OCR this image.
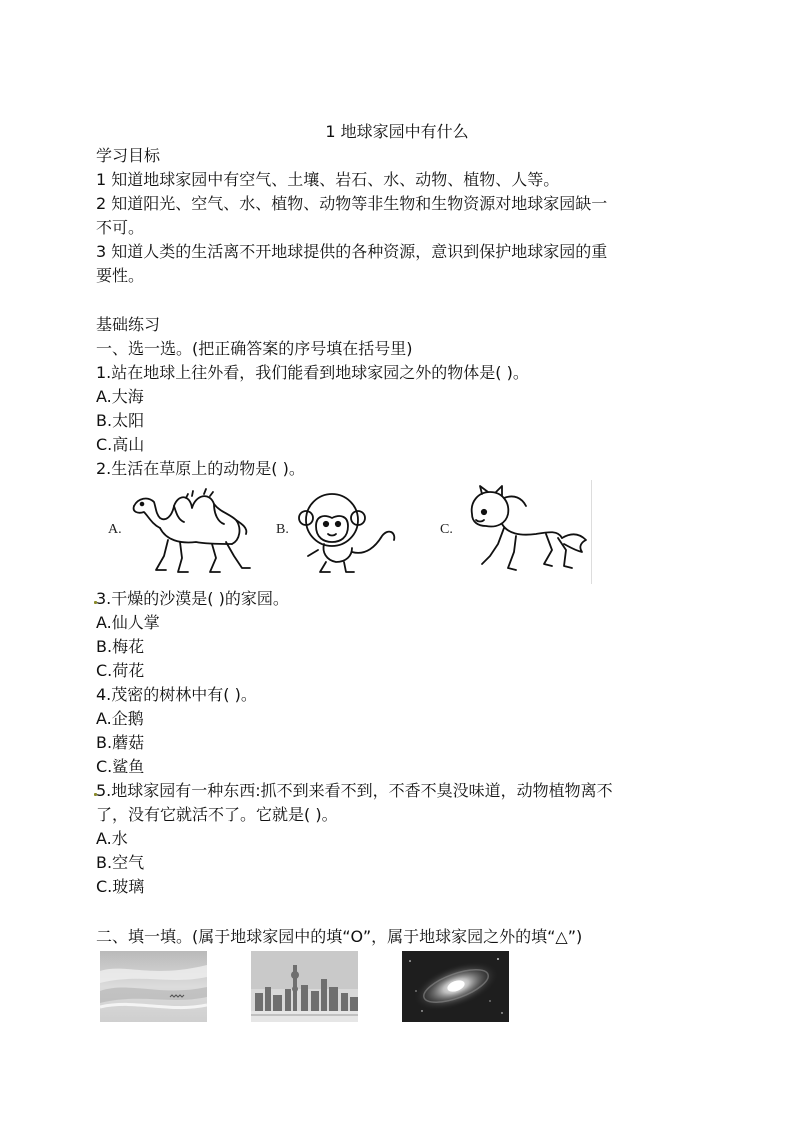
1 地球家园中有什么
学习目标
1 知道地球家园中有空气、土壤、岩石、水、动物、植物、人等。
2 知道阳光、空气、水、植物、动物等非生物和生物资源对地球家园缺一
不可。
3 知道人类的生活离不开地球提供的各种资源，意识到保护地球家园的重
要性。
基础练习
一、选一选。(把正确答案的序号填在括号里)
1.站在地球上往外看，我们能看到地球家园之外的物体是( )。
A.大海
B.太阳
C.高山
2.生活在草原上的动物是( )。
A.	B.	C.
3.干燥的沙漠是( )的家园。
A.仙人掌
B.梅花
C.荷花
4.茂密的树林中有( )。
A.企鹅
B.蘑菇
C.鲨鱼
5.地球家园有一种东西:抓不到来看不到，不香不臭没味道，动物植物离不
了，没有它就活不了。它就是( )。
A.水
B.空气
C.玻璃
二、填一填。(属于地球家园中的填“O”，属于地球家园之外的填“△”)
